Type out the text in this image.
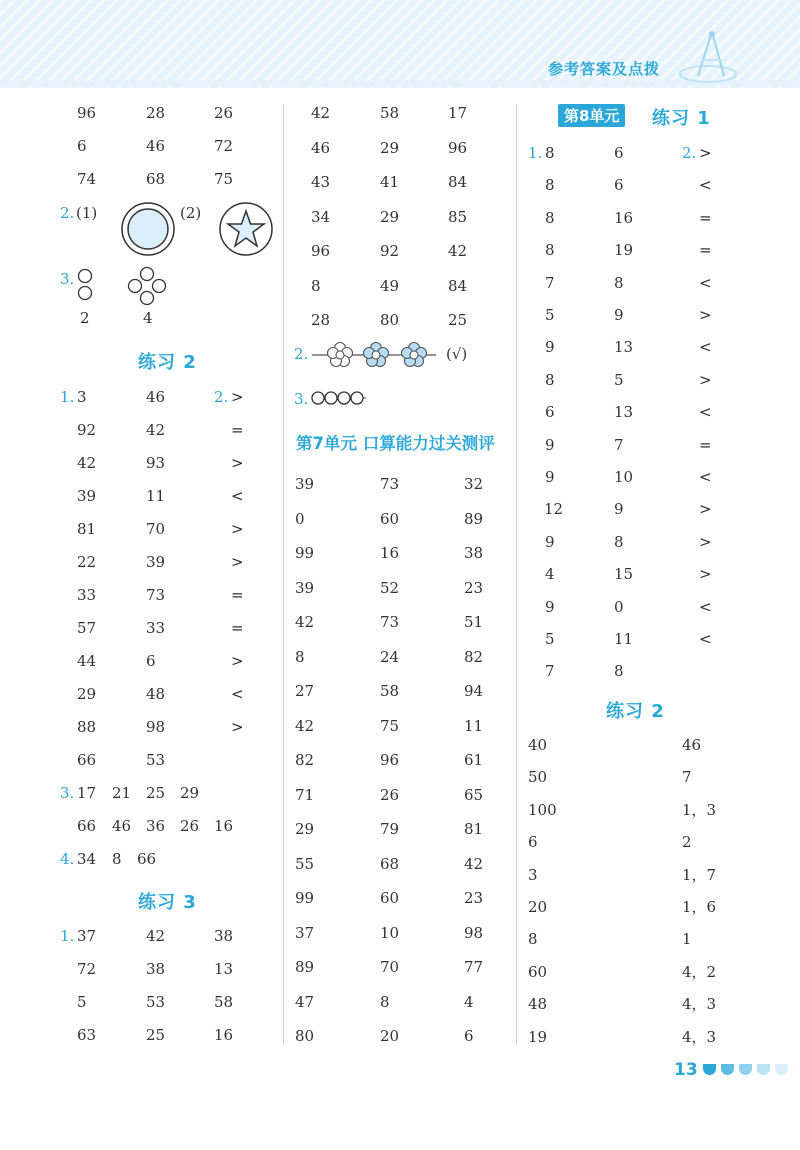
参考答案及点拨
96	28	26
6	46	72
74	68	75
2. (1)	(2)
3.
2	4
练习 2
1.	2.
3	46	>
92	42	=
42	93	>
39	11	<
81	70	>
22	39	>
33	73	=
57	33	=
44	6	>
29	48	<
88	98	>
66	53
3. 17 21 25 29
66 46 36 26 16
4. 34 8 66
练习 3
1. 37	42	38
72	38	13
5	53	58
63	25	16
42	58	17
46	29	96
43	41	84
34	29	85
96	92	42
8	49	84
28	80	25
2.	(√)
3.
第7单元 口算能力过关测评
39	73	32
0	60	89
99	16	38
39	52	23
42	73	51
8	24	82
27	58	94
42	75	11
82	96	61
71	26	65
29	79	81
55	68	42
99	60	23
37	10	98
89	70	77
47	8	4
80	20	6
第8单元	练习 1
1.	2.
8	6	>
8	6	<
8	16	=
8	19	=
7	8	<
5	9	>
9	13	<
8	5	>
6	13	<
9	7	=
9	10	<
12	9	>
9	8	>
4	15	>
9	0	<
5	11	<
7	8
练习 2
40	46
50	7
100	1，3
6	2
3	1，7
20	1，6
8	1
60	4，2
48	4，3
19	4，3
13
